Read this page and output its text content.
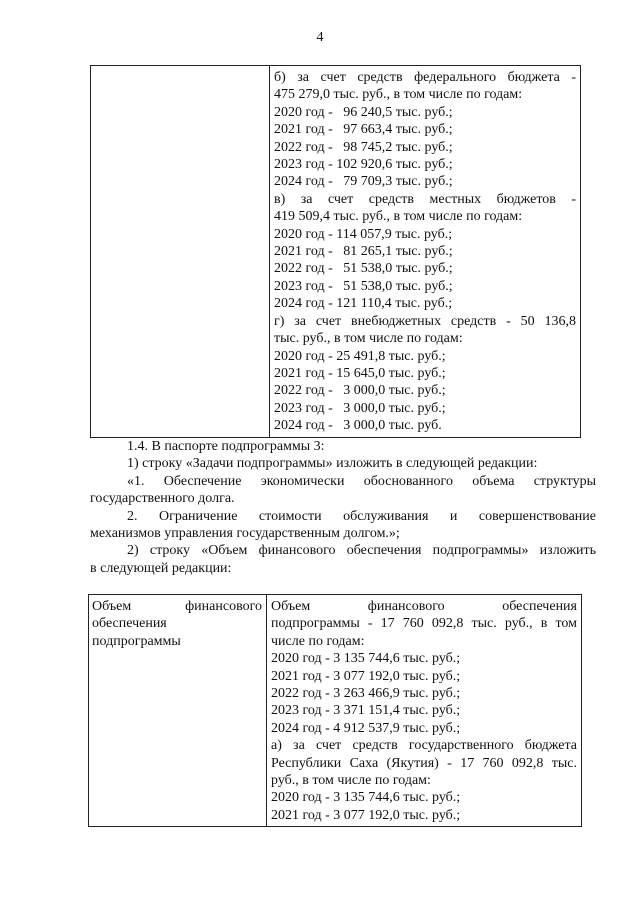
4
б) за счет средств федерального бюджета -
475 279,0 тыс. руб., в том числе по годам:
2020 год -   96 240,5 тыс. руб.;
2021 год -   97 663,4 тыс. руб.;
2022 год -   98 745,2 тыс. руб.;
2023 год - 102 920,6 тыс. руб.;
2024 год -   79 709,3 тыс. руб.;
в) за счет средств местных бюджетов -
419 509,4 тыс. руб., в том числе по годам:
2020 год - 114 057,9 тыс. руб.;
2021 год -   81 265,1 тыс. руб.;
2022 год -   51 538,0 тыс. руб.;
2023 год -   51 538,0 тыс. руб.;
2024 год - 121 110,4 тыс. руб.;
г) за счет внебюджетных средств - 50 136,8
тыс. руб., в том числе по годам:
2020 год - 25 491,8 тыс. руб.;
2021 год - 15 645,0 тыс. руб.;
2022 год -   3 000,0 тыс. руб.;
2023 год -   3 000,0 тыс. руб.;
2024 год -   3 000,0 тыс. руб.
1.4. В паспорте подпрограммы 3:
1) строку «Задачи подпрограммы» изложить в следующей редакции:
«1. Обеспечение экономически обоснованного объема структуры
государственного долга.
2. Ограничение стоимости обслуживания и совершенствование
механизмов управления государственным долгом.»;
2) строку «Объем финансового обеспечения подпрограммы» изложить
в следующей редакции:
Объем финансового
обеспечения
подпрограммы
Объем финансового обеспечения
подпрограммы - 17 760 092,8 тыс. руб., в том
числе по годам:
2020 год - 3 135 744,6 тыс. руб.;
2021 год - 3 077 192,0 тыс. руб.;
2022 год - 3 263 466,9 тыс. руб.;
2023 год - 3 371 151,4 тыс. руб.;
2024 год - 4 912 537,9 тыс. руб.;
а) за счет средств государственного бюджета
Республики Саха (Якутия) - 17 760 092,8 тыс.
руб., в том числе по годам:
2020 год - 3 135 744,6 тыс. руб.;
2021 год - 3 077 192,0 тыс. руб.;
